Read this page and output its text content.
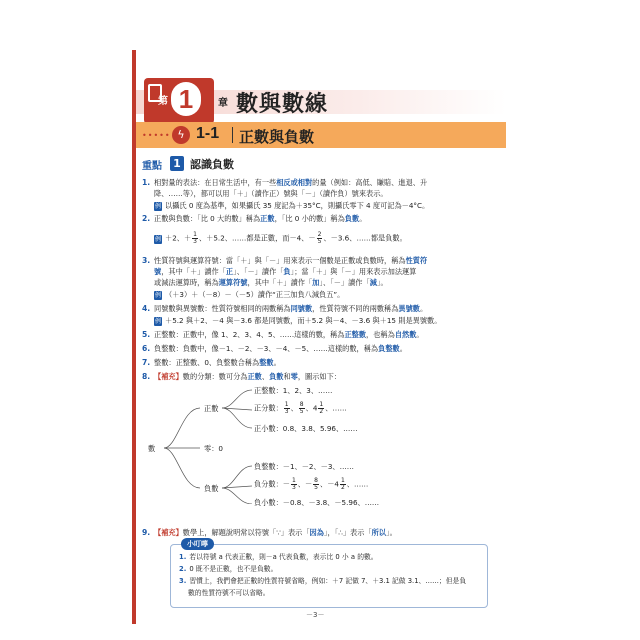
第 1	章 數與數線
••••• ϟ 1-1 正數與負數
重點 1 認識負數
1. 相對量的表法：在日常生活中，有一些相反或相對的量（例如：高低、賺賠、進退、升
降、……等），都可以用「＋」（讀作正）號與「－」（讀作負）號來表示。
例 以攝氏 0 度為基準，如果攝氏 35 度記為＋35°C，則攝氏零下 4 度可記為－4°C。
2. 正數與負數：「比 0 大的數」稱為正數，「比 0 小的數」稱為負數。
例 ＋2、＋ $\frac{1}{3}$ 、＋5.2、……都是正數，而－4、－ $\frac{2}{5}$ 、－3.6、……都是負數。
3. 性質符號與運算符號：當「＋」與「－」用來表示一個數是正數或負數時，稱為性質符
號，其中「＋」讀作「正」、「－」讀作「負」；當「＋」與「－」用來表示加法運算
或減法運算時，稱為運算符號，其中「＋」讀作「加」、「－」讀作「減」。
例 （＋3）＋（－8）－（－5）讀作“正三加負八減負五”。
4. 同號數與異號數：性質符號相同的兩數稱為同號數，性質符號不同的兩數稱為異號數。
例 ＋5.2 與＋2、－4 與－3.6 都是同號數，而＋5.2 與－4、－3.6 與＋15 則是異號數。
5. 正整數：正數中，像 1、2、3、4、5、……這樣的數，稱為正整數，也稱為自然數。
6. 負整數：負數中，像－1、－2、－3、－4、－5、……這樣的數，稱為負整數。
7. 整數：正整數、0、負整數合稱為整數。
8. 【補充】數的分類：數可分為正數、負數和零，圖示如下：
數
正數
零：0
負數
正整數：1、2、3、……
正分數： $\frac{1}{3}$ 、 $\frac{8}{5}$ 、$4 \frac{1}{2}$ 、……
正小數：0.8、3.8、5.96、……
負整數：－1、－2、－3、……
負分數：－ $\frac{1}{3}$ 、－ $\frac{8}{5}$ 、$-4 \frac{1}{2}$ 、……
負小數：－0.8、－3.8、－5.96、……
9. 【補充】數學上，解題說明常以符號「∵」表示「因為」，「∴」表示「所以」。
小叮嚀
1. 若以符號 a 代表正數，則－a 代表負數，表示比 0 小 a 的數。
2. 0 既不是正數，也不是負數。
3. 習慣上，我們會把正數的性質符號省略，例如：＋7 記做 7、＋3.1 記做 3.1、……；但是負
數的性質符號不可以省略。
－3－
